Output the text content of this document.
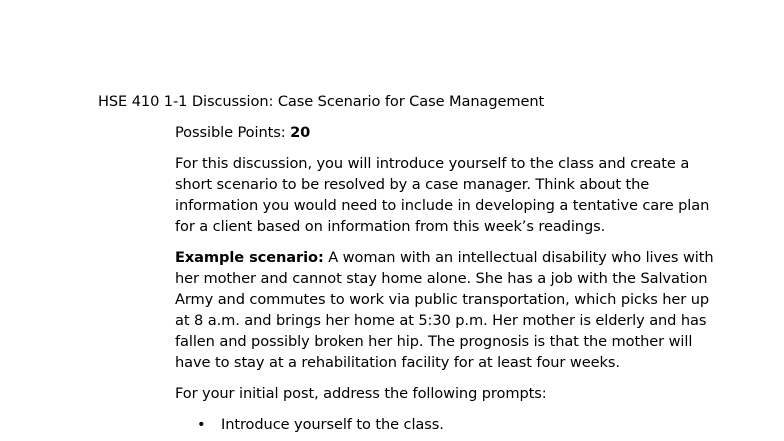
HSE 410 1-1 Discussion: Case Scenario for Case Management

Possible Points: 20

For this discussion, you will introduce yourself to the class and create a
short scenario to be resolved by a case manager. Think about the
information you would need to include in developing a tentative care plan
for a client based on information from this week’s readings.

Example scenario: A woman with an intellectual disability who lives with
her mother and cannot stay home alone. She has a job with the Salvation
Army and commutes to work via public transportation, which picks her up
at 8 a.m. and brings her home at 5:30 p.m. Her mother is elderly and has
fallen and possibly broken her hip. The prognosis is that the mother will
have to stay at a rehabilitation facility for at least four weeks.

For your initial post, address the following prompts:

• Introduce yourself to the class.
